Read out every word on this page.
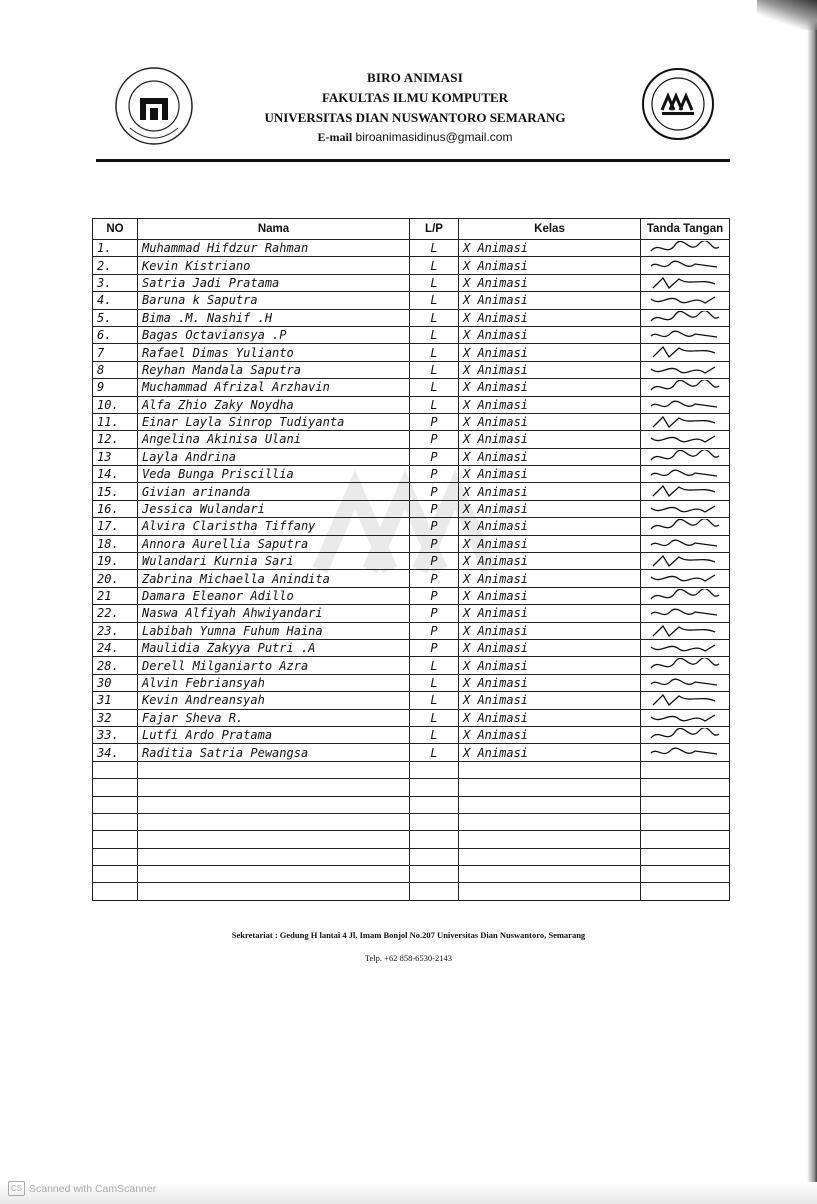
BIRO ANIMASI
FAKULTAS ILMU KOMPUTER
UNIVERSITAS DIAN NUSWANTORO SEMARANG
E-mail biroanimasidinus@gmail.com
NO	Nama	L/P	Kelas	Tanda Tangan
1.	Muhammad Hifdzur Rahman	L	X Animasi	

2.	Kevin Kistriano	L	X Animasi	

3.	Satria Jadi Pratama	L	X Animasi	

4.	Baruna k Saputra	L	X Animasi	

5.	Bima .M. Nashif .H	L	X Animasi	

6.	Bagas Octaviansya .P	L	X Animasi	

7	Rafael Dimas Yulianto	L	X Animasi	

8	Reyhan Mandala Saputra	L	X Animasi	

9	Muchammad Afrizal Arzhavin	L	X Animasi	

10.	Alfa Zhio Zaky Noydha	L	X Animasi	

11.	Einar Layla Sinrop Tudiyanta	P	X Animasi	

12.	Angelina Akinisa Ulani	P	X Animasi	

13	Layla Andrina	P	X Animasi	

14.	Veda Bunga Priscillia	P	X Animasi	

15.	Givian arinanda	P	X Animasi	

16.	Jessica Wulandari	P	X Animasi	

17.	Alvira Claristha Tiffany	P	X Animasi	

18.	Annora Aurellia Saputra	P	X Animasi	

19.	Wulandari Kurnia Sari	P	X Animasi	

20.	Zabrina Michaella Anindita	P	X Animasi	

21	Damara Eleanor Adillo	P	X Animasi	

22.	Naswa Alfiyah Ahwiyandari	P	X Animasi	

23.	Labibah Yumna Fuhum Haina	P	X Animasi	

24.	Maulidia Zakyya Putri .A	P	X Animasi	

28.	Derell Milganiarto Azra	L	X Animasi	

30	Alvin Febriansyah	L	X Animasi	

31	Kevin Andreansyah	L	X Animasi	

32	Fajar Sheva R.	L	X Animasi	

33.	Lutfi Ardo Pratama	L	X Animasi	

34.	Raditia Satria Pewangsa	L	X Animasi	

Sekretariat : Gedung H lantai 4 Jl. Imam Bonjol No.207 Universitas Dian Nuswantoro, Semarang
Telp. +62 858-6530-2143
CS Scanned with CamScanner
